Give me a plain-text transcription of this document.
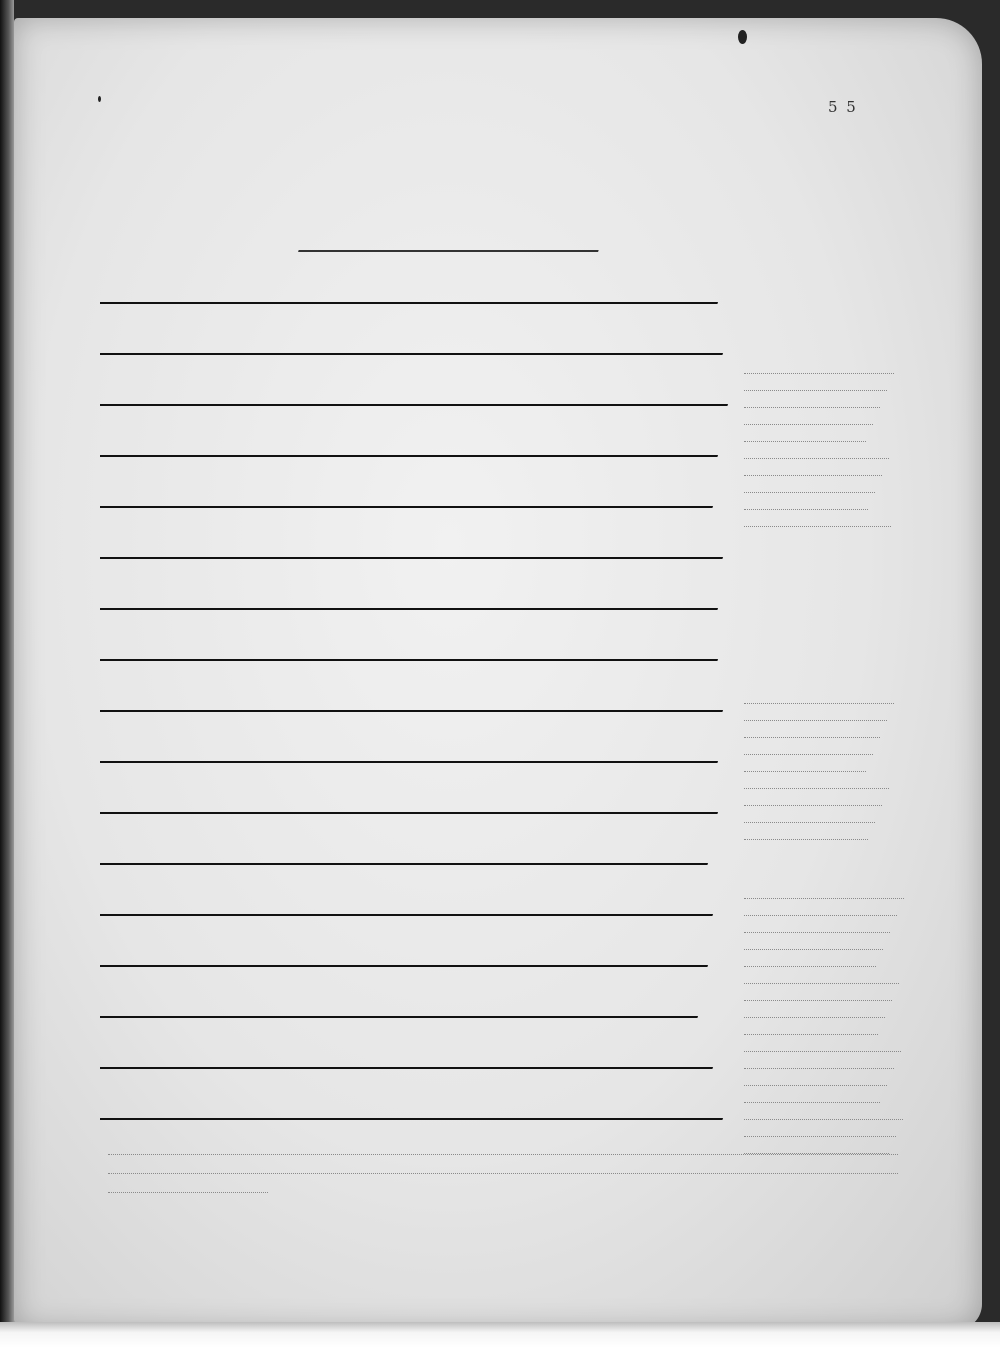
5 5
